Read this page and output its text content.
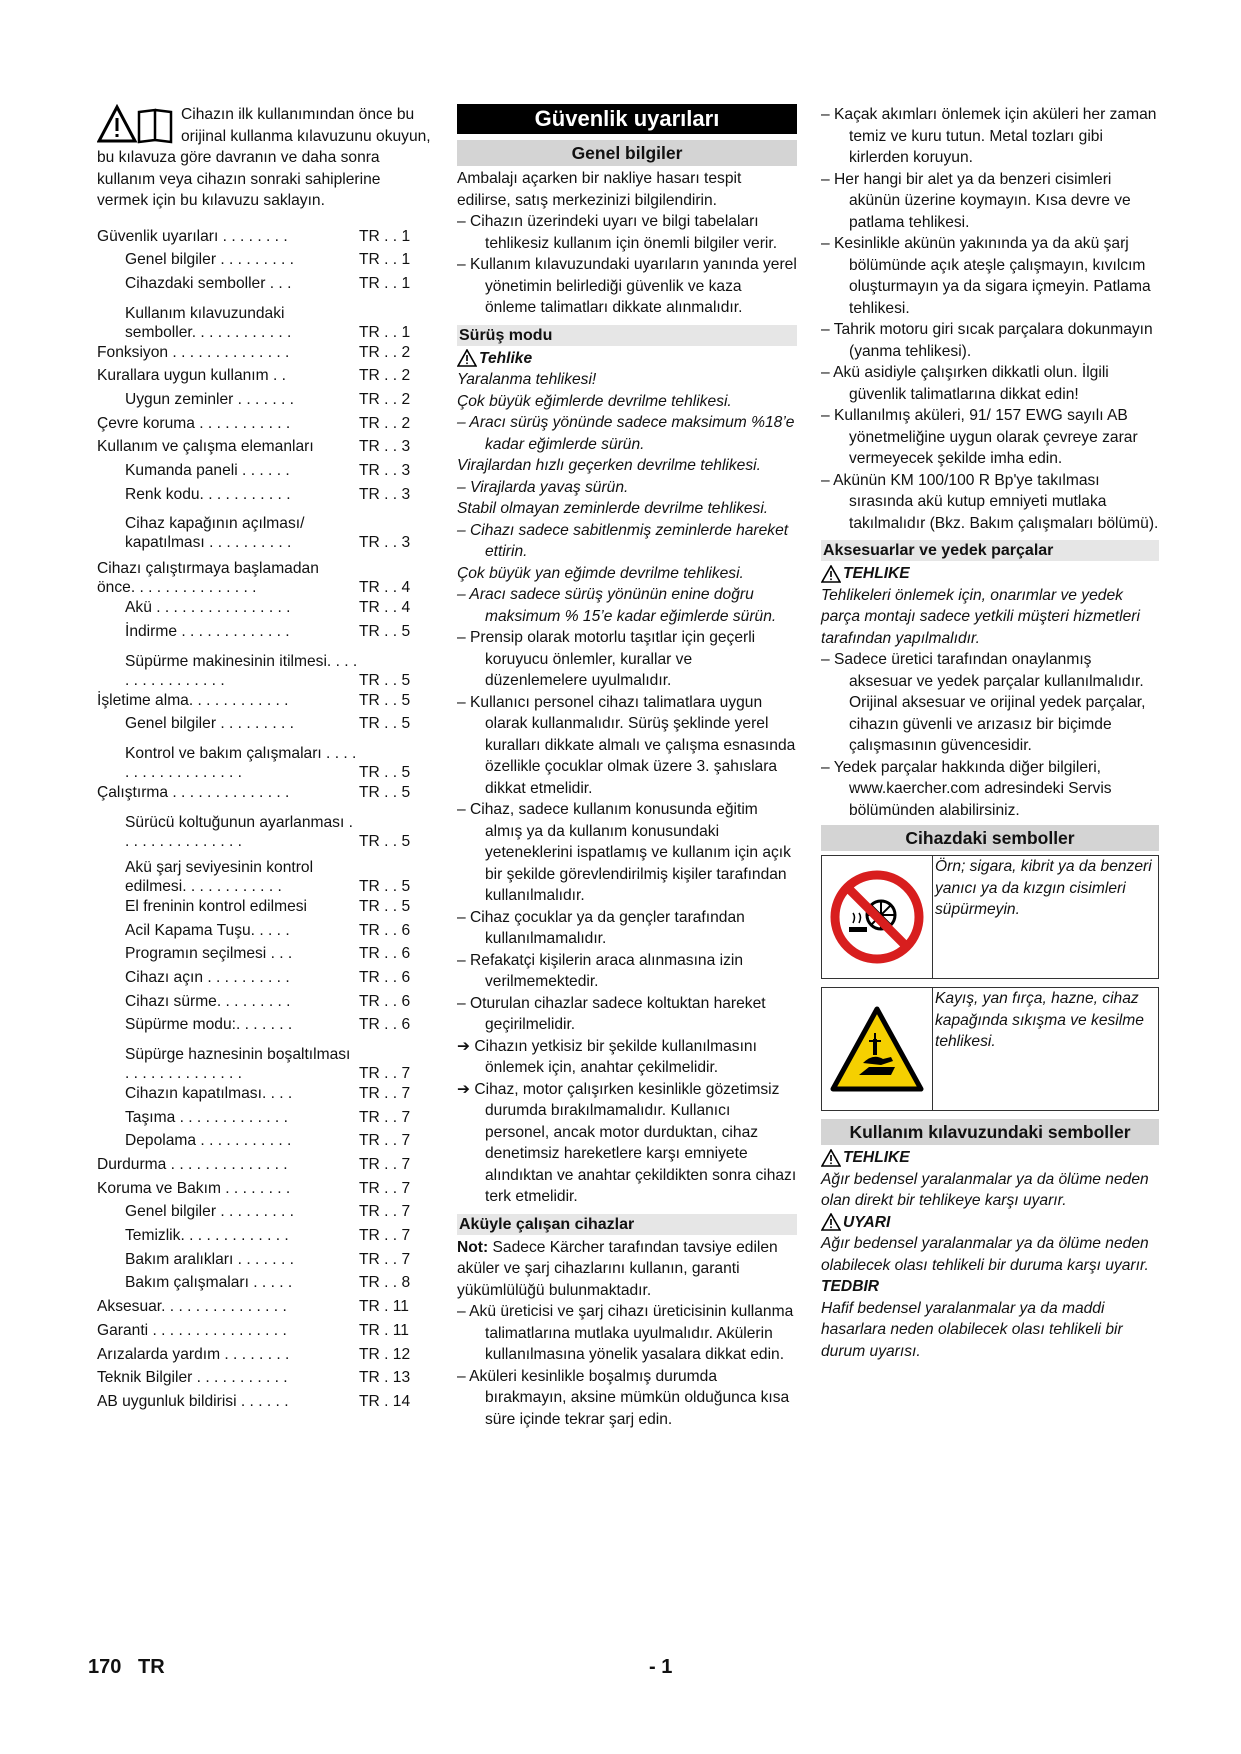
Cihazın ilk kullanımından önce bu orijinal kullanma kılavuzunu okuyun, bu kılavuza göre davranın ve daha sonra kullanım veya cihazın sonraki sahiplerine vermek için bu kılavuzu saklayın.

Güvenlik uyarıları . . . . . . . .	TR . . 1
Genel bilgiler . . . . . . . . .	TR . . 1
Cihazdaki semboller . . .	TR . . 1
Kullanım kılavuzundaki semboller. . . . . . . . . . . .	TR . . 1
Fonksiyon . . . . . . . . . . . . . .	TR . . 2
Kurallara uygun kullanım . .	TR . . 2
Uygun zeminler . . . . . . .	TR . . 2
Çevre koruma . . . . . . . . . . .	TR . . 2
Kullanım ve çalışma elemanları	TR . . 3
Kumanda paneli . . . . . .	TR . . 3
Renk kodu. . . . . . . . . . .	TR . . 3
Cihaz kapağının açılması/ kapatılması . . . . . . . . . .	TR . . 3
Cihazı çalıştırmaya başlamadan önce. . . . . . . . . . . . . . .	TR . . 4
Akü . . . . . . . . . . . . . . . .	TR . . 4
İndirme . . . . . . . . . . . . .	TR . . 5
Süpürme makinesinin itilmesi. . . . . . . . . . . . . . . .	TR . . 5
İşletime alma. . . . . . . . . . . .	TR . . 5
Genel bilgiler . . . . . . . . .	TR . . 5
Kontrol ve bakım çalışmaları . . . . . . . . . . . . . . . . . .	TR . . 5
Çalıştırma . . . . . . . . . . . . . .	TR . . 5
Sürücü koltuğunun ayarlanması . . . . . . . . . . . . . . .	TR . . 5
Akü şarj seviyesinin kontrol edilmesi. . . . . . . . . . . .	TR . . 5
El freninin kontrol edilmesi	TR . . 5
Acil Kapama Tuşu. . . . .	TR . . 6
Programın seçilmesi . . .	TR . . 6
Cihazı açın . . . . . . . . . .	TR . . 6
Cihazı sürme. . . . . . . . .	TR . . 6
Süpürme modu:. . . . . . .	TR . . 6
Süpürge haznesinin boşaltılması . . . . . . . . . . . . . .	TR . . 7
Cihazın kapatılması. . . .	TR . . 7
Taşıma . . . . . . . . . . . . .	TR . . 7
Depolama . . . . . . . . . . .	TR . . 7
Durdurma . . . . . . . . . . . . . .	TR . . 7
Koruma ve Bakım . . . . . . . .	TR . . 7
Genel bilgiler . . . . . . . . .	TR . . 7
Temizlik. . . . . . . . . . . . .	TR . . 7
Bakım aralıkları . . . . . . .	TR . . 7
Bakım çalışmaları . . . . .	TR . . 8
Aksesuar. . . . . . . . . . . . . . .	TR . 11
Garanti . . . . . . . . . . . . . . . .	TR . 11
Arızalarda yardım . . . . . . . .	TR . 12
Teknik Bilgiler . . . . . . . . . . .	TR . 13
AB uygunluk bildirisi . . . . . .	TR . 14
Güvenlik uyarıları
Genel bilgiler

Ambalajı açarken bir nakliye hasarı tespit edilirse, satış merkezinizi bilgilendirin.

– Cihazın üzerindeki uyarı ve bilgi tabelaları tehlikesiz kullanım için önemli bilgiler verir.

– Kullanım kılavuzundaki uyarıların yanında yerel yönetimin belirlediği güvenlik ve kaza önleme talimatları dikkate alınmalıdır.

Sürüş modu
Tehlike

Yaralanma tehlikesi!

Çok büyük eğimlerde devrilme tehlikesi.

– Aracı sürüş yönünde sadece maksimum %18’e kadar eğimlerde sürün.

Virajlardan hızlı geçerken devrilme tehlikesi.

– Virajlarda yavaş sürün.

Stabil olmayan zeminlerde devrilme tehlikesi.

– Cihazı sadece sabitlenmiş zeminlerde hareket ettirin.

Çok büyük yan eğimde devrilme tehlikesi.

– Aracı sadece sürüş yönünün enine doğru maksimum % 15’e kadar eğimlerde sürün.

– Prensip olarak motorlu taşıtlar için geçerli koruyucu önlemler, kurallar ve düzenlemelere uyulmalıdır.

– Kullanıcı personel cihazı talimatlara uygun olarak kullanmalıdır. Sürüş şeklinde yerel kuralları dikkate almalı ve çalışma esnasında özellikle çocuklar olmak üzere 3. şahıslara dikkat etmelidir.

– Cihaz, sadece kullanım konusunda eğitim almış ya da kullanım konusundaki yeteneklerini ispatlamış ve kullanım için açık bir şekilde görevlendirilmiş kişiler tarafından kullanılmalıdır.

– Cihaz çocuklar ya da gençler tarafından kullanılmamalıdır.

– Refakatçi kişilerin araca alınmasına izin verilmemektedir.

– Oturulan cihazlar sadece koltuktan hareket geçirilmelidir.

➔ Cihazın yetkisiz bir şekilde kullanılmasını önlemek için, anahtar çekilmelidir.

➔ Cihaz, motor çalışırken kesinlikle gözetimsiz durumda bırakılmamalıdır. Kullanıcı personel, ancak motor durduktan, cihaz denetimsiz hareketlere karşı emniyete alındıktan ve anahtar çekildikten sonra cihazı terk etmelidir.

Aküyle çalışan cihazlar

Not: Sadece Kärcher tarafından tavsiye edilen aküler ve şarj cihazlarını kullanın, garanti yükümlülüğü bulunmaktadır.

– Akü üreticisi ve şarj cihazı üreticisinin kullanma talimatlarına mutlaka uyulmalıdır. Akülerin kullanılmasına yönelik yasalara dikkat edin.

– Aküleri kesinlikle boşalmış durumda bırakmayın, aksine mümkün olduğunca kısa süre içinde tekrar şarj edin.

– Kaçak akımları önlemek için aküleri her zaman temiz ve kuru tutun. Metal tozları gibi kirlerden koruyun.

– Her hangi bir alet ya da benzeri cisimleri akünün üzerine koymayın. Kısa devre ve patlama tehlikesi.

– Kesinlikle akünün yakınında ya da akü şarj bölümünde açık ateşle çalışmayın, kıvılcım oluşturmayın ya da sigara içmeyin. Patlama tehlikesi.

– Tahrik motoru giri sıcak parçalara dokunmayın (yanma tehlikesi).

– Akü asidiyle çalışırken dikkatli olun. İlgili güvenlik talimatlarına dikkat edin!

– Kullanılmış aküleri, 91/ 157 EWG sayılı AB yönetmeliğine uygun olarak çevreye zarar vermeyecek şekilde imha edin.

– Akünün KM 100/100 R Bp'ye takılması sırasında akü kutup emniyeti mutlaka takılmalıdır (Bkz. Bakım çalışmaları bölümü).

Aksesuarlar ve yedek parçalar
TEHLIKE

Tehlikeleri önlemek için, onarımlar ve yedek parça montajı sadece yetkili müşteri hizmetleri tarafından yapılmalıdır.

– Sadece üretici tarafından onaylanmış aksesuar ve yedek parçalar kullanılmalıdır. Orijinal aksesuar ve orijinal yedek parçalar, cihazın güvenli ve arızasız bir biçimde çalışmasının güvencesidir.

– Yedek parçalar hakkında diğer bilgileri, www.kaercher.com adresindeki Servis bölümünden alabilirsiniz.

Cihazdaki semboller
Örn; sigara, kibrit ya da benzeri yanıcı ya da kızgın cisimleri süpürmeyin.
Kayış, yan fırça, hazne, cihaz kapağında sıkışma ve kesilme tehlikesi.
Kullanım kılavuzundaki semboller
TEHLIKE

Ağır bedensel yaralanmalar ya da ölüme neden olan direkt bir tehlikeye karşı uyarır.

UYARI

Ağır bedensel yaralanmalar ya da ölüme neden olabilecek olası tehlikeli bir duruma karşı uyarır.

TEDBIR

Hafif bedensel yaralanmalar ya da maddi hasarlara neden olabilecek olası tehlikeli bir durum uyarısı.

170 TR	- 1
